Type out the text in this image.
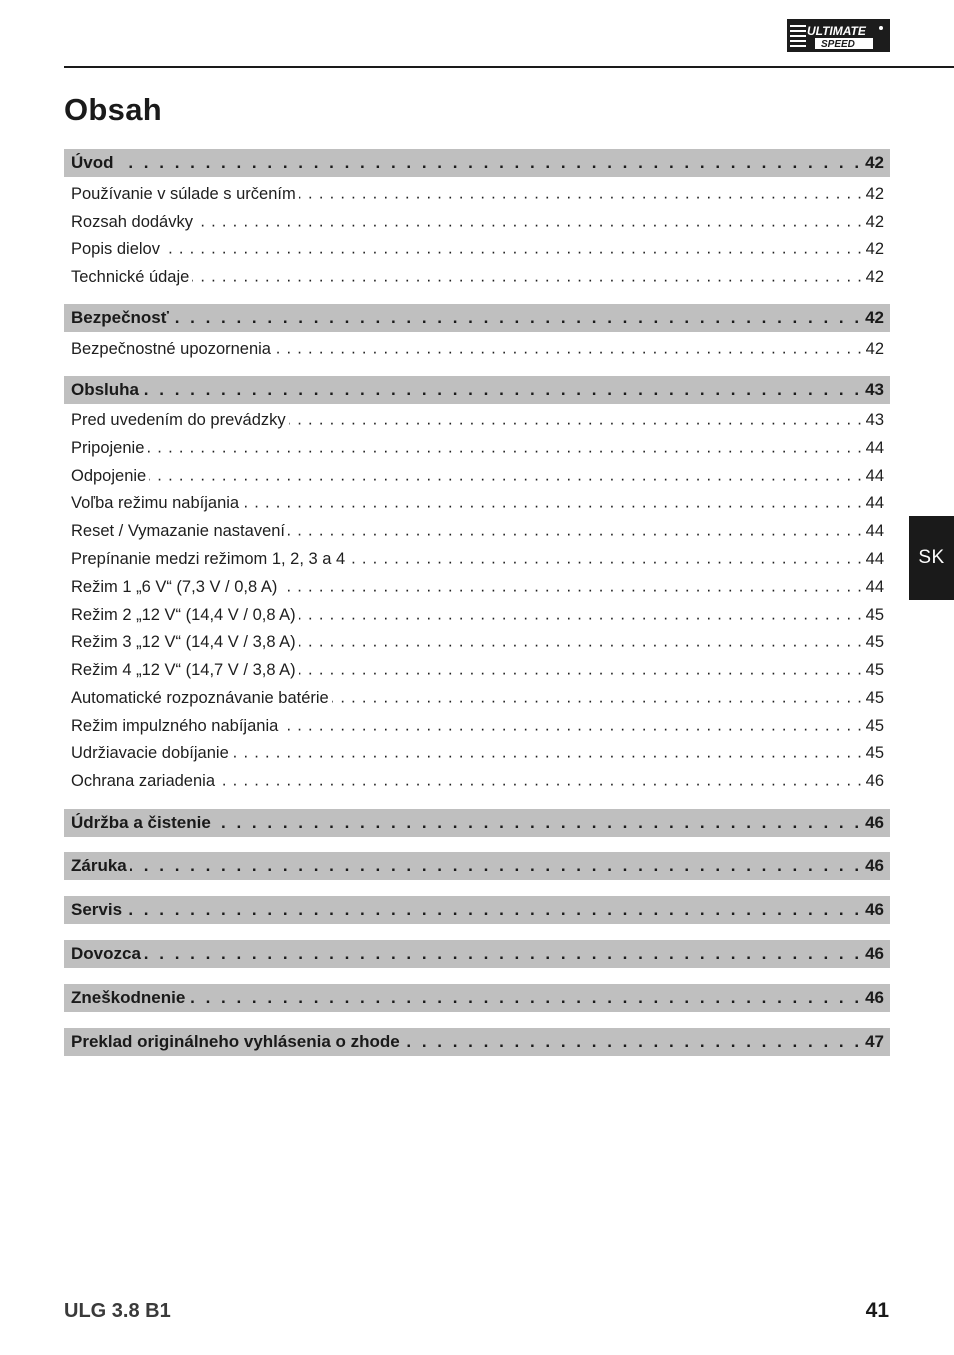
ULTIMATE
SPEED
Obsah
Úvod . . .	42
Používanie v súlade s určením . . .	42
Rozsah dodávky . . .	42
Popis dielov . . .	42
Technické údaje . . .	42
Bezpečnosť . . .	42
Bezpečnostné upozornenia . . .	42
Obsluha . . .	43
Pred uvedením do prevádzky . . .	43
Pripojenie . . .	44
Odpojenie . . .	44
Voľba režimu nabíjania . . .	44
Reset / Vymazanie nastavení . . .	44
Prepínanie medzi režimom 1, 2, 3 a 4 . . .	44
Režim 1 „6 V“ (7,3 V / 0,8 A) . . .	44
Režim 2 „12 V“ (14,4 V / 0,8 A) . . .	45
Režim 3 „12 V“ (14,4 V / 3,8 A) . . .	45
Režim 4 „12 V“ (14,7 V / 3,8 A) . . .	45
Automatické rozpoznávanie batérie . . .	45
Režim impulzného nabíjania . . .	45
Udržiavacie dobíjanie . . .	45
Ochrana zariadenia . . .	46
Údržba a čistenie . . .	46
Záruka . . .	46
Servis . . .	46
Dovozca . . .	46
Zneškodnenie . . .	46
Preklad originálneho vyhlásenia o zhode . . .	47
SK
ULG 3.8 B1	41
